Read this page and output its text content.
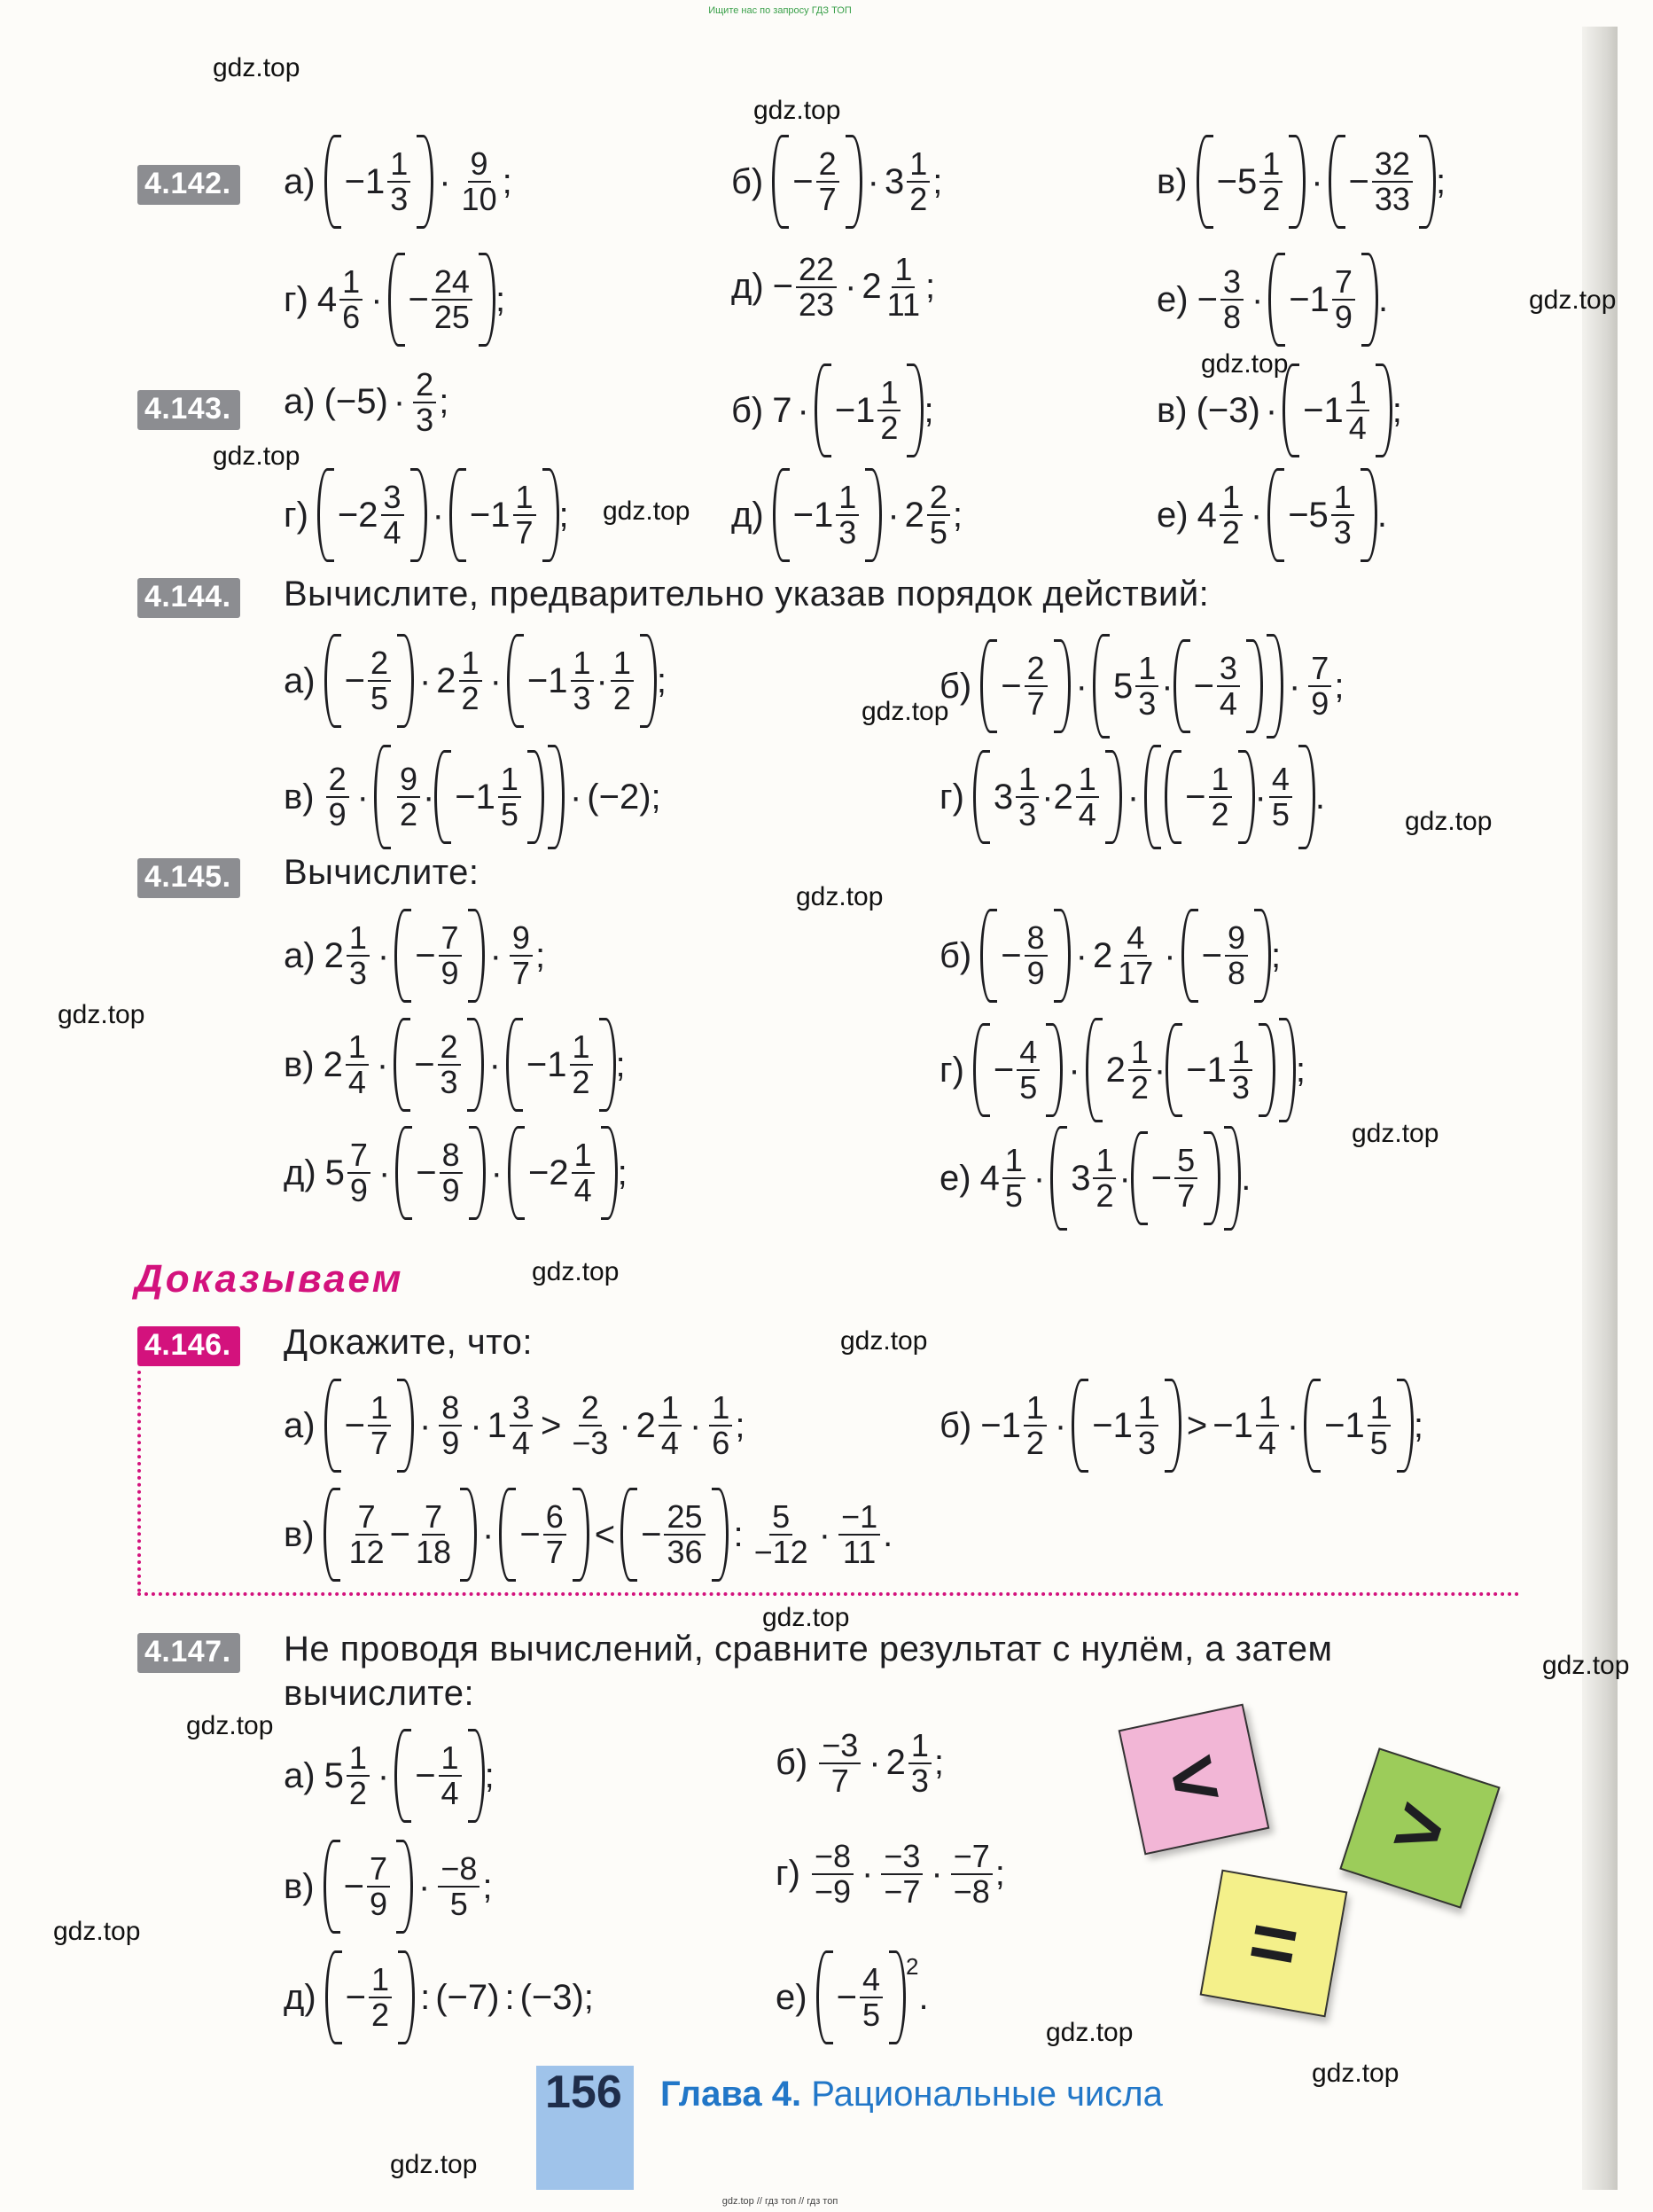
Ищите нас по запросу ГДЗ ТОП
gdz.top
gdz.top
gdz.top
gdz.top
gdz.top
gdz.top
gdz.top
gdz.top
gdz.top
gdz.top
gdz.top
gdz.top
gdz.top
gdz.top
gdz.top
gdz.top
gdz.top
gdz.top
gdz.top
gdz.top
4.142. $а) -1 \frac{1}{3} \cdot \frac{9}{10}$ ;	$б) - \frac{2}{7} \cdot 3 \frac{1}{2}$ ;	$в) -5 \frac{1}{2}$ · − $\frac{32}{33}$ ;
г) $4 \frac{1}{6}$ · − $\frac{24}{25}$ ;	$д) - \frac{22}{23} \cdot 2 \frac{1}{11}$ ;	$е) - \frac{3}{8} \cdot -1 \frac{7}{9}$ .
4.143. а) $(-5) \cdot \frac{2}{3}$ ;	б) $7 \cdot -1 \frac{1}{2}$ ;	в) $(-3) \cdot -1 \frac{1}{4}$ ;
$г) -2 \frac{3}{4} \cdot -1 \frac{1}{7}$ ;	$д) -1 \frac{1}{3} \cdot 2 \frac{2}{5}$ ;	е) $4 \frac{1}{2} \cdot -5 \frac{1}{3}$ .
4.144. Вычислите, предварительно указав порядок действий:
$а) - \frac{2}{5} \cdot 2 \frac{1}{2} \cdot -1 \frac{1}{3} \cdot \frac{1}{2}$ ;	$б) - \frac{2}{7} \cdot 5 \frac{1}{3}$ · − $\frac{3}{4} \cdot \frac{7}{9}$ ;
$в) \frac{2}{9} \cdot \frac{9}{2} \cdot -1 \frac{1}{5} \cdot (-2)$;	г) $3 \frac{1}{3} \cdot 2 \frac{1}{4}$ ·	− $\frac{1}{2} \cdot \frac{4}{5}$ .
4.145. Вычислите:
а) $2 \frac{1}{3}$ · − $\frac{7}{9} \cdot \frac{9}{7}$ ;	$б) - \frac{8}{9} \cdot 2 \frac{4}{17}$ · − $\frac{9}{8}$ ;
в) $2 \frac{1}{4}$ · − $\frac{2}{3} \cdot -1 \frac{1}{2}$ ;	$г) - \frac{4}{5} \cdot 2 \frac{1}{2} \cdot -1 \frac{1}{3}$ ;
д) $5 \frac{7}{9}$ · − $\frac{8}{9} \cdot -2 \frac{1}{4}$ ;	е) $4 \frac{1}{5} \cdot 3 \frac{1}{2}$ · − $\frac{5}{7}$ .
Доказываем
4.146. Докажите, что:
$а) - \frac{1}{7} \cdot \frac{8}{9} \cdot 1 \frac{3}{4} > \frac{2}{-3} \cdot 2 \frac{1}{4} \cdot \frac{1}{6}$ ;	$б) -1 \frac{1}{2} \cdot -1 \frac{1}{3} > -1 \frac{1}{4} \cdot -1 \frac{1}{5}$ ;
$в) \frac{7}{12} - \frac{7}{18}$ · − $\frac{6}{7}$ < − $\frac{25}{36}$ : $\frac{5}{-12} \cdot \frac{-1}{11}$ .
4.147. Не проводя вычислений, сравните результат с нулём, а затем
вычислите:
а) $5 \frac{1}{2}$ · − $\frac{1}{4}$ ;	$б) \frac{-3}{7} \cdot 2 \frac{1}{3}$ ;
$в) - \frac{7}{9} \cdot \frac{-8}{5}$ ;	$г) \frac{-8}{-9} \cdot \frac{-3}{-7} \cdot \frac{-7}{-8}$ ;
$д) - \frac{1}{2}$ : (−7) : (−3);	$е) - \frac{4}{5} ^2$
.
<	>
=
156 Глава 4. Рациональные числа
gdz.top // гдз топ // гдз топ
